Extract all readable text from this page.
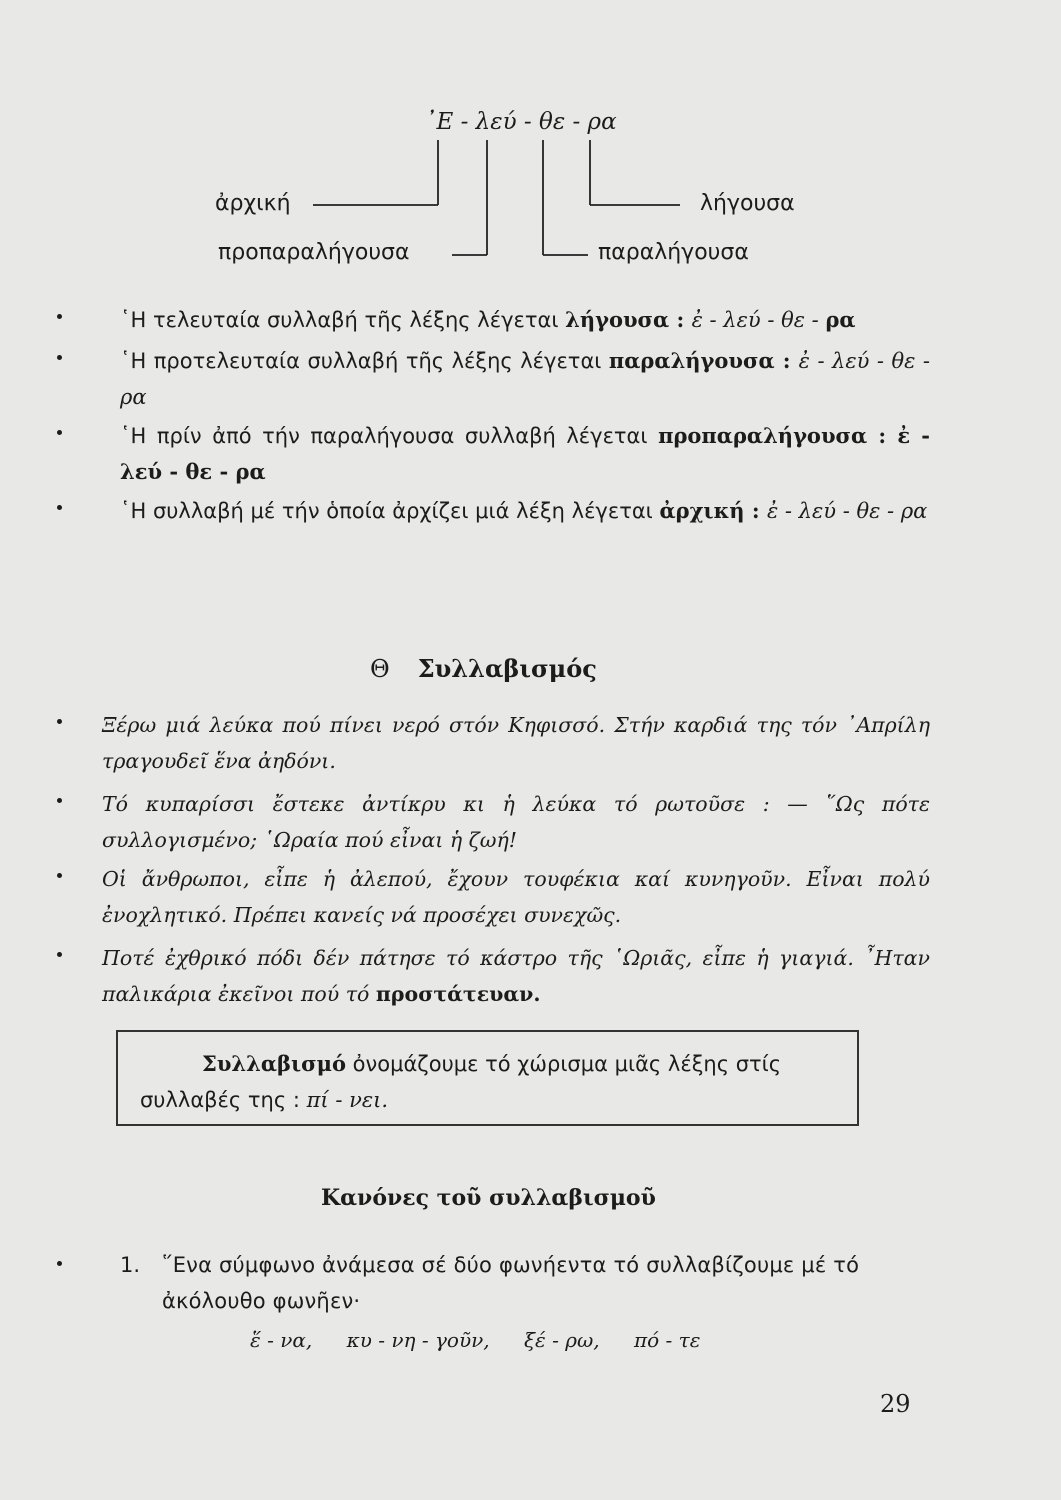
᾿Ε - λεύ - θε - ρα
ἀρχική
προπαραλήγουσα
λήγουσα
παραλήγουσα

῾Η τελευταία συλλαβή τῆς λέξης λέγεται λήγουσα : ἐ - λεύ - θε - ρα

῾Η προτελευταία συλλαβή τῆς λέξης λέγεται παραλήγουσα : ἐ - λεύ - θε - ρα

῾Η πρίν ἀπό τήν παραλήγουσα συλλαβή λέγεται προπαραλήγουσα : ἐ - λεύ - θε - ρα

῾Η συλλαβή μέ τήν ὁποία ἀρχίζει μιά λέξη λέγεται ἀρχική : ἐ - λεύ - θε - ρα

Θ Συλλαβισμός

Ξέρω μιά λεύκα πού πίνει νερό στόν Κηφισσό. Στήν καρδιά της τόν ᾿Απρίλη τραγουδεῖ ἕνα ἀηδόνι.

Τό κυπαρίσσι ἔστεκε ἀντίκρυ κι ἡ λεύκα τό ρωτοῦσε : — ῞Ως πότε συλλογισμένο; ῾Ωραία πού εἶναι ἡ ζωή!

Οἱ ἄνθρωποι, εἶπε ἡ ἀλεπού, ἔχουν τουφέκια καί κυνηγοῦν. Εἶναι πολύ ἐνοχλητικό. Πρέπει κανείς νά προσέχει συνεχῶς.

Ποτέ ἐχθρικό πόδι δέν πάτησε τό κάστρο τῆς ῾Ωριᾶς, εἶπε ἡ γιαγιά. ῏Ηταν παλικάρια ἐκεῖνοι πού τό προστάτευαν.

Συλλαβισμό ὀνομάζουμε τό χώρισμα μιᾶς λέξης στίς συλλαβές της : πί - νει.
Κανόνες τοῦ συλλαβισμοῦ
1.	῞Ενα σύμφωνο ἀνάμεσα σέ δύο φωνήεντα τό συλλαβίζουμε μέ τό ἀκόλουθο φωνῆεν·
ἕ - να, κυ - νη - γοῦν, ξέ - ρω, πό - τε
29
